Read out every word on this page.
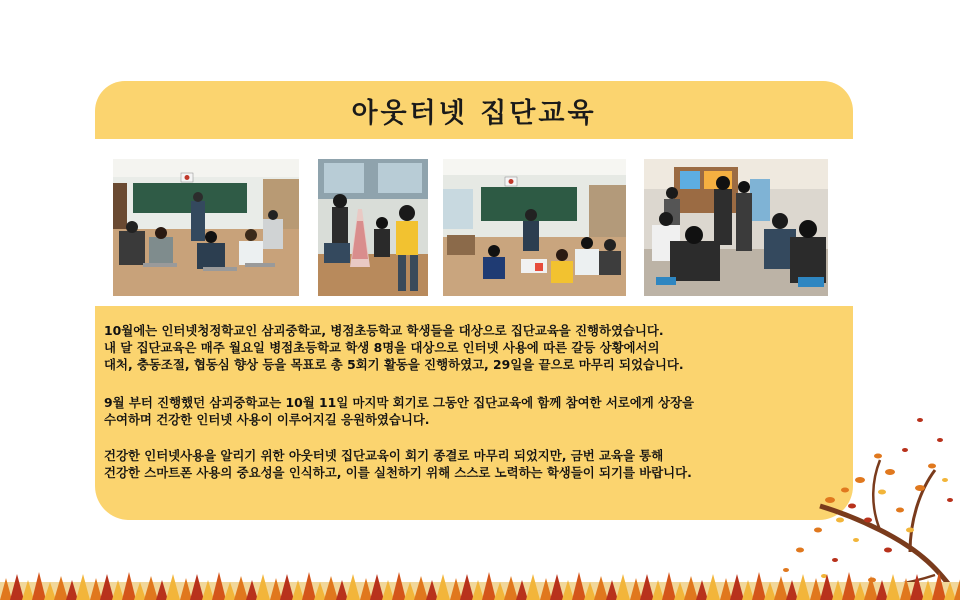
아웃터넷 집단교육
10월에는 인터넷청정학교인 삼괴중학교, 병점초등학교 학생들을 대상으로 집단교육을 진행하였습니다.
내 달 집단교육은 매주 월요일 병점초등학교 학생 8명을 대상으로 인터넷 사용에 따른 갈등 상황에서의
대처, 충동조절, 협동심 향상 등을 목표로 총 5회기 활동을 진행하였고, 29일을 끝으로 마무리 되었습니다.
9월 부터 진행했던 삼괴중학교는 10월 11일 마지막 회기로 그동안 집단교육에 함께 참여한 서로에게 상장을
수여하며 건강한 인터넷 사용이 이루어지길 응원하였습니다.
건강한 인터넷사용을 알리기 위한 아웃터넷 집단교육이 회기 종결로 마무리 되었지만, 금번 교육을 통해
건강한 스마트폰 사용의 중요성을 인식하고, 이를 실천하기 위해 스스로 노력하는 학생들이 되기를 바랍니다.
